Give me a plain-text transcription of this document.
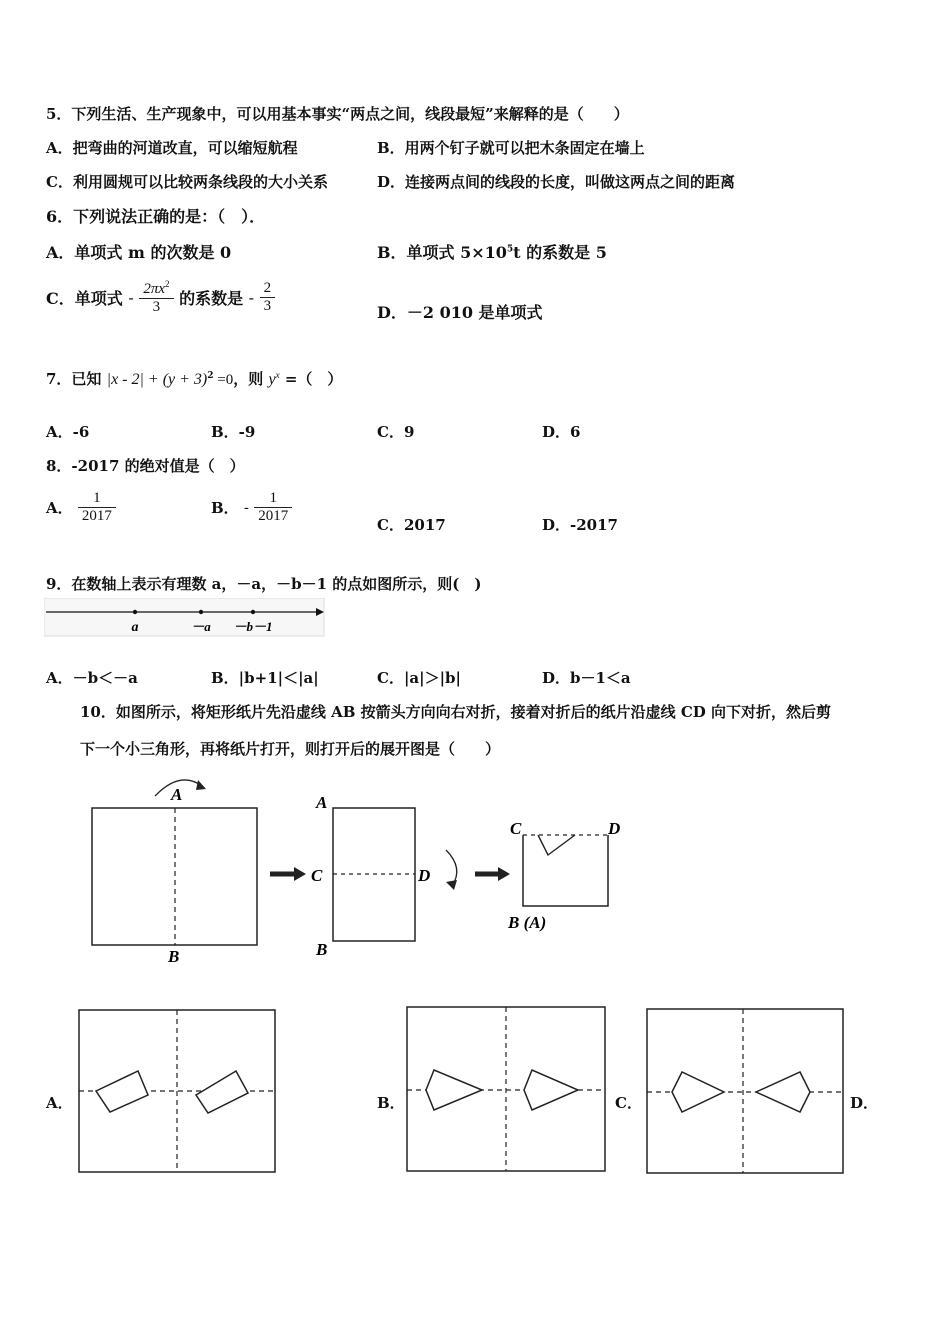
5．下列生活、生产现象中，可以用基本事实“两点之间，线段最短”来解释的是（　　）
A．把弯曲的河道改直，可以缩短航程	B．用两个钉子就可以把木条固定在墙上
C．利用圆规可以比较两条线段的大小关系	D．连接两点间的线段的长度，叫做这两点之间的距离
6．下列说法正确的是：（　）．
A．单项式 m 的次数是 0	B．单项式 $5\times 10^5t$ 的系数是 5
C．单项式 - $\frac{2\pi x^2}{3}$ 的系数是 - $\frac{2}{3}$	D．－2 010 是单项式
7．已知 $|x - 2| + (y + 3)^2 =0$，则 $y^x$ =（　）
A．-6	B．-9	C．9	D．6
8．-2017 的绝对值是（　）
A． $\frac{1}{2017}$	B． - $\frac{1}{2017}$	C．2017	D．-2017
9．在数轴上表示有理数 a，－a，－b－1 的点如图所示，则(　)
a	－a －b－1
A．－b＜－a	B．|b+1|＜|a|	C．|a|＞|b|	D．b－1＜a
10．如图所示，将矩形纸片先沿虚线 AB 按箭头方向向右对折，接着对折后的纸片沿虚线 CD 向下对折，然后剪
下一个小三角形，再将纸片打开，则打开后的展开图是（　　）
A
B
A
C	D
B
C	D
B (A)
A．	B．	C．	D．
